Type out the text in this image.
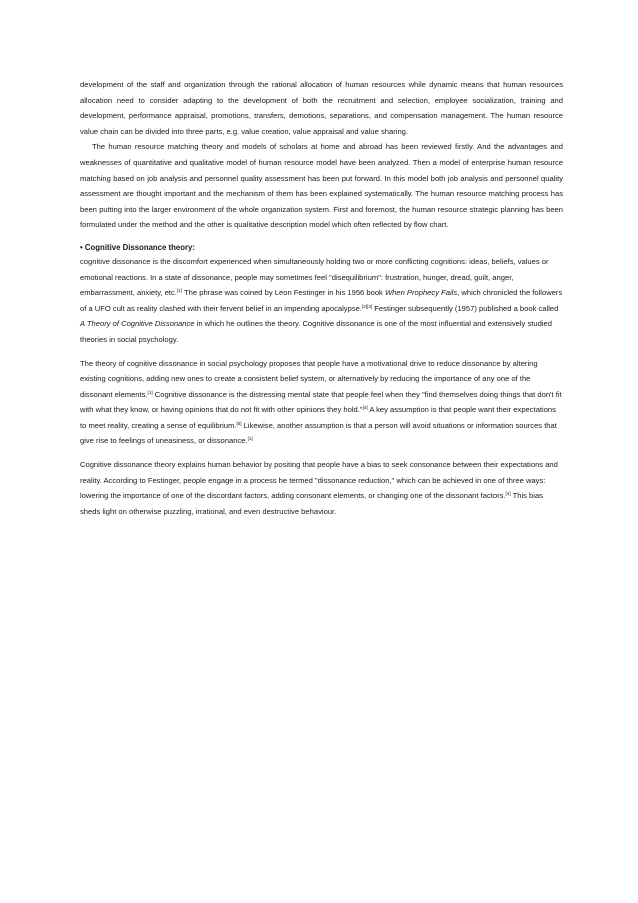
development of the staff and organization through the rational allocation of human resources while dynamic means that human resources allocation need to consider adapting to the development of both the recruitment and selection, employee socialization, training and development, performance appraisal, promotions, transfers, demotions, separations, and compensation management. The human resource value chain can be divided into three parts, e.g. value creation, value appraisal and value sharing.

The human resource matching theory and models of scholars at home and abroad has been reviewed firstly. And the advantages and weaknesses of quantitative and qualitative model of human resource model have been analyzed. Then a model of enterprise human resource matching based on job analysis and personnel quality assessment has been put forward. In this model both job analysis and personnel quality assessment are thought important and the mechanism of them has been explained systematically. The human resource matching process has been putting into the larger environment of the whole organization system. First and foremost, the human resource strategic planning has been formulated under the method and the other is qualitative description model which often reflected by flow chart.

• Cognitive Dissonance theory:

cognitive dissonance is the discomfort experienced when simultaneously holding two or more conflicting cognitions: ideas, beliefs, values or emotional reactions. In a state of dissonance, people may sometimes feel "disequilibrium": frustration, hunger, dread, guilt, anger, embarrassment, anxiety, etc.[1] The phrase was coined by Leon Festinger in his 1956 book When Prophecy Fails, which chronicled the followers of a UFO cult as reality clashed with their fervent belief in an impending apocalypse.[2][3] Festinger subsequently (1957) published a book called A Theory of Cognitive Dissonance in which he outlines the theory. Cognitive dissonance is one of the most influential and extensively studied theories in social psychology.

The theory of cognitive dissonance in social psychology proposes that people have a motivational drive to reduce dissonance by altering existing cognitions, adding new ones to create a consistent belief system, or alternatively by reducing the importance of any one of the dissonant elements.[1] Cognitive dissonance is the distressing mental state that people feel when they "find themselves doing things that don't fit with what they know, or having opinions that do not fit with other opinions they hold."[4] A key assumption is that people want their expectations to meet reality, creating a sense of equilibrium.[5] Likewise, another assumption is that a person will avoid situations or information sources that give rise to feelings of uneasiness, or dissonance.[1]

Cognitive dissonance theory explains human behavior by positing that people have a bias to seek consonance between their expectations and reality. According to Festinger, people engage in a process he termed "dissonance reduction," which can be achieved in one of three ways: lowering the importance of one of the discordant factors, adding consonant elements, or changing one of the dissonant factors.[4] This bias sheds light on otherwise puzzling, irrational, and even destructive behaviour.
